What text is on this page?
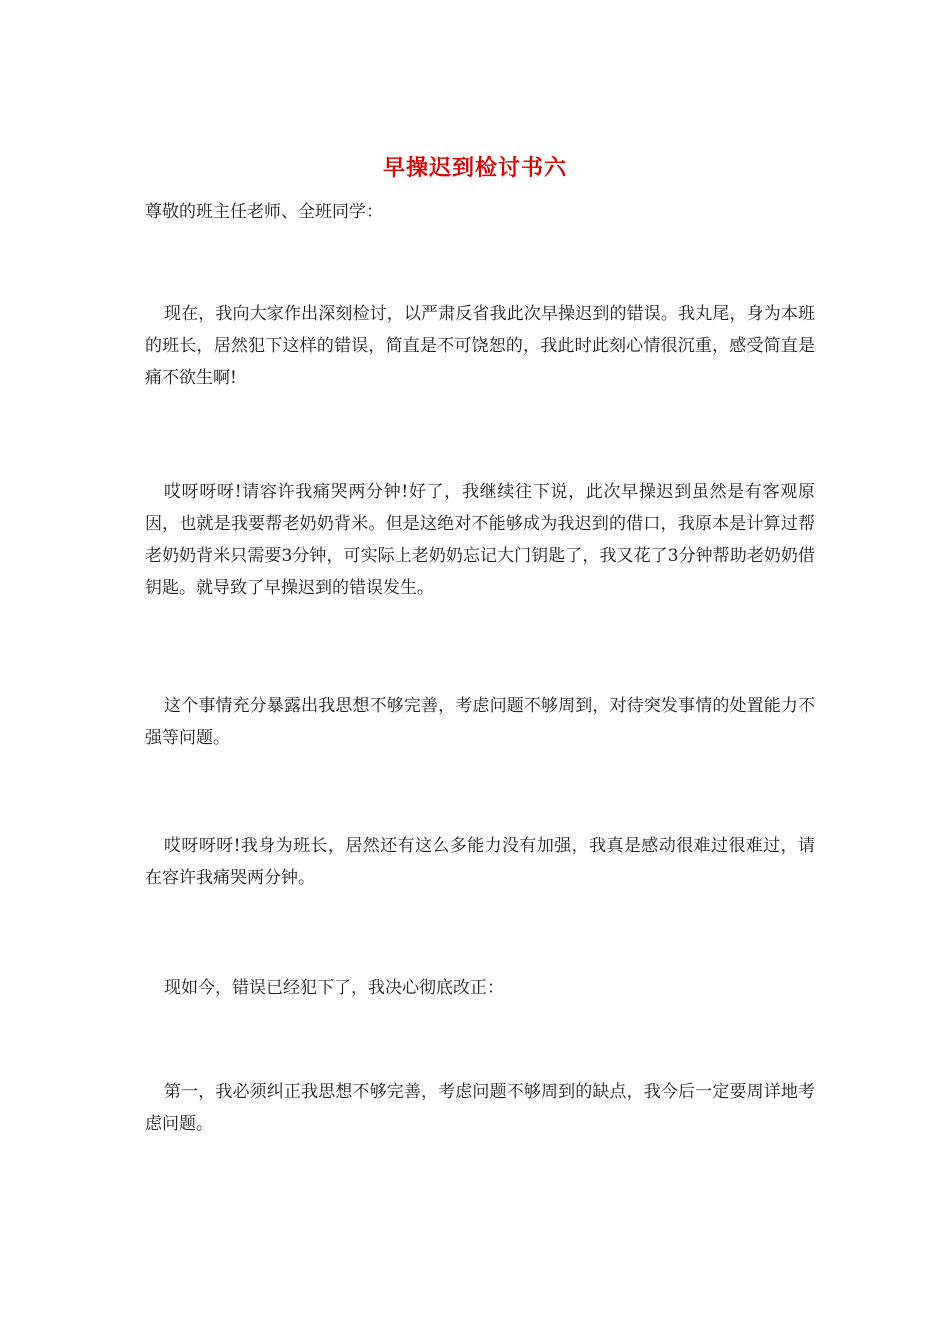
早操迟到检讨书六
尊敬的班主任老师、全班同学：

现在，我向大家作出深刻检讨，以严肃反省我此次早操迟到的错误。我丸尾，身为本班的班长，居然犯下这样的错误，简直是不可饶恕的，我此时此刻心情很沉重，感受简直是痛不欲生啊!

哎呀呀呀!请容许我痛哭两分钟!好了，我继续往下说，此次早操迟到虽然是有客观原因，也就是我要帮老奶奶背米。但是这绝对不能够成为我迟到的借口，我原本是计算过帮老奶奶背米只需要3分钟，可实际上老奶奶忘记大门钥匙了，我又花了3分钟帮助老奶奶借钥匙。就导致了早操迟到的错误发生。

这个事情充分暴露出我思想不够完善，考虑问题不够周到，对待突发事情的处置能力不强等问题。

哎呀呀呀!我身为班长，居然还有这么多能力没有加强，我真是感动很难过很难过，请在容许我痛哭两分钟。

现如今，错误已经犯下了，我决心彻底改正：

第一，我必须纠正我思想不够完善，考虑问题不够周到的缺点，我今后一定要周详地考虑问题。
